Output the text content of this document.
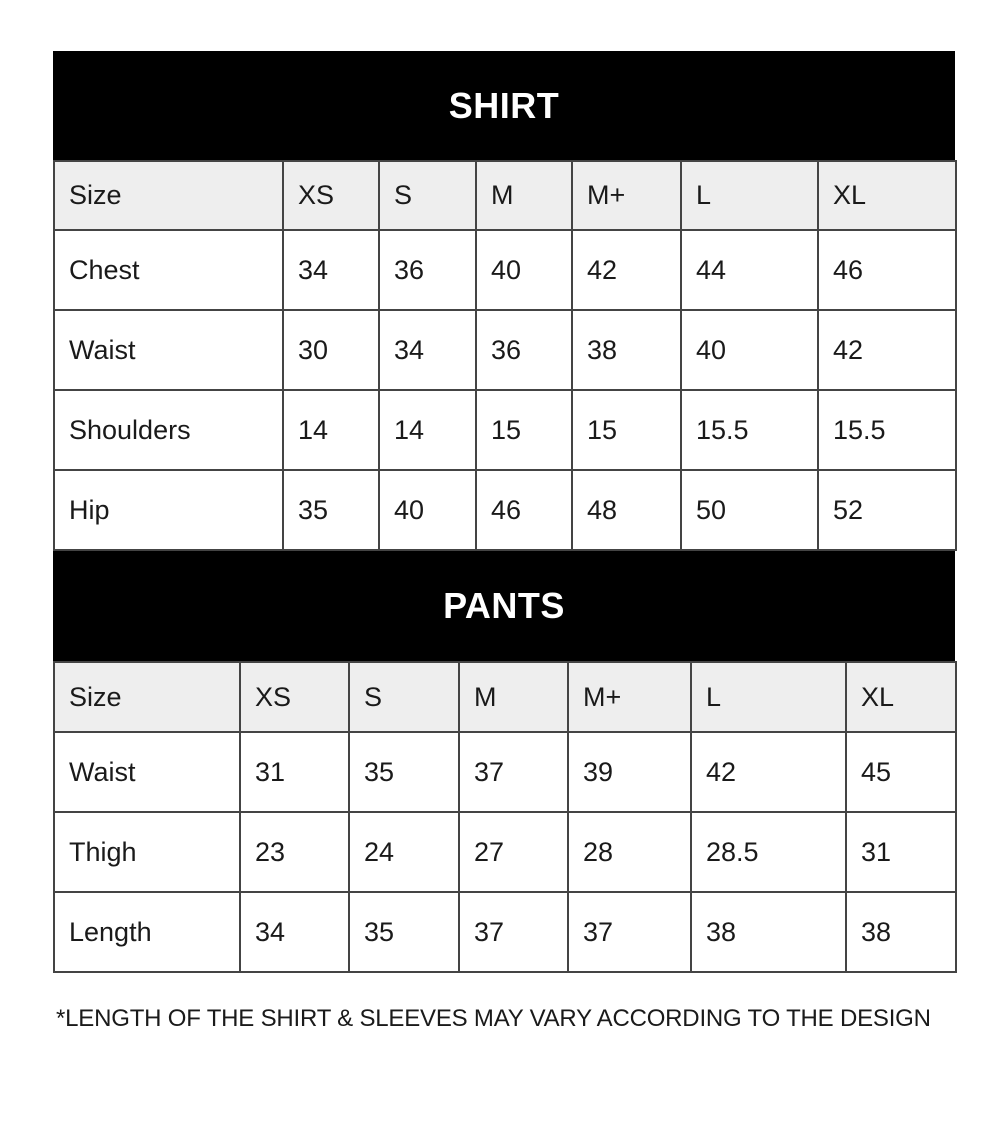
SHIRT
Size	XS	S	M	M+	L	XL
Chest	34	36	40	42	44	46
Waist	30	34	36	38	40	42
Shoulders	14	14	15	15	15.5	15.5
Hip	35	40	46	48	50	52
PANTS
Size	XS	S	M	M+	L	XL
Waist	31	35	37	39	42	45
Thigh	23	24	27	28	28.5	31
Length	34	35	37	37	38	38
*LENGTH OF THE SHIRT & SLEEVES MAY VARY ACCORDING TO THE DESIGN
